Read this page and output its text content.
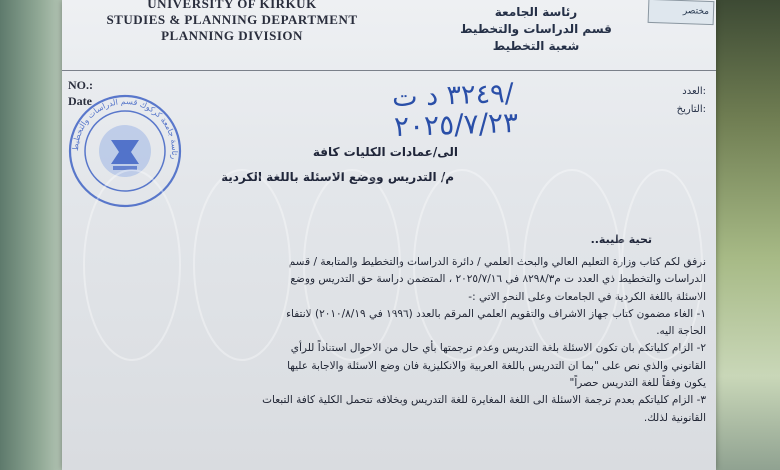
UNIVERSITY OF KIRKUK
STUDIES & PLANNING DEPARTMENT
PLANNING DIVISION
رئاسة الجامعة
قسم الدراسات والتخطيط
شعبة التخطيط
NO.:
Date
العدد:
التاريخ:
٣٢٤٩ د ت/
٢٠٢٥/٧/٢٣
رئاسة جامعة كركوك قسم الدراسات والتخطيط	الى/عمادات الكليات كافة
م/ التدريس ووضع الاسئلة باللغة الكردية
تحية طيبة..

نرفق لكم كتاب وزارة التعليم العالي والبحث العلمي / دائرة الدراسات والتخطيط والمتابعة / قسم

الدراسات والتخطيط ذي العدد ت م٨٢٩٨/٣ في ٢٠٢٥/٧/١٦ ، المتضمن دراسة حق التدريس ووضع

الاسئلة باللغة الكردية في الجامعات وعلى النحو الاتي :-

١- الغاء مضمون كتاب جهاز الاشراف والتقويم العلمي المرقم بالعدد (١٩٩٦ في ٢٠١٠/٨/١٩) لانتفاء

الحاجة اليه.

٢- الزام كلياتكم بان تكون الاسئلة بلغة التدريس وعدم ترجمتها بأي حال من الاحوال استناداً للرأي

القانوني والذي نص على "بما ان التدريس باللغة العربية والانكليزية فان وضع الاسئلة والاجابة عليها

يكون وفقاً للغة التدريس حصراً"

٣- الزام كلياتكم بعدم ترجمة الاسئلة الى اللغة المغايرة للغة التدريس وبخلافه تتحمل الكلية كافة التبعات

القانونية لذلك.

مختصر
